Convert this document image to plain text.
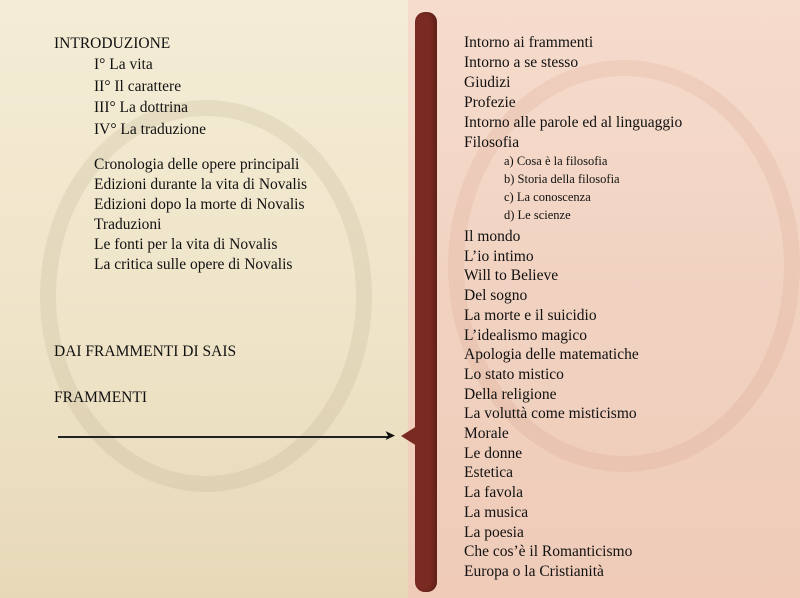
INTRODUZIONE
I° La vita
II° Il carattere
III° La dottrina
IV° La traduzione
Cronologia delle opere principali
Edizioni durante la vita di Novalis
Edizioni dopo la morte di Novalis
Traduzioni
Le fonti per la vita di Novalis
La critica sulle opere di Novalis
DAI FRAMMENTI DI SAIS
FRAMMENTI
➤
Intorno ai frammenti
Intorno a se stesso
Giudizi
Profezie
Intorno alle parole ed al linguaggio
Filosofia
a) Cosa è la filosofia
b) Storia della filosofia
c) La conoscenza
d) Le scienze
Il mondo
L’io intimo
Will to Believe
Del sogno
La morte e il suicidio
L’idealismo magico
Apologia delle matematiche
Lo stato mistico
Della religione
La voluttà come misticismo
Morale
Le donne
Estetica
La favola
La musica
La poesia
Che cos’è il Romanticismo
Europa o la Cristianità
